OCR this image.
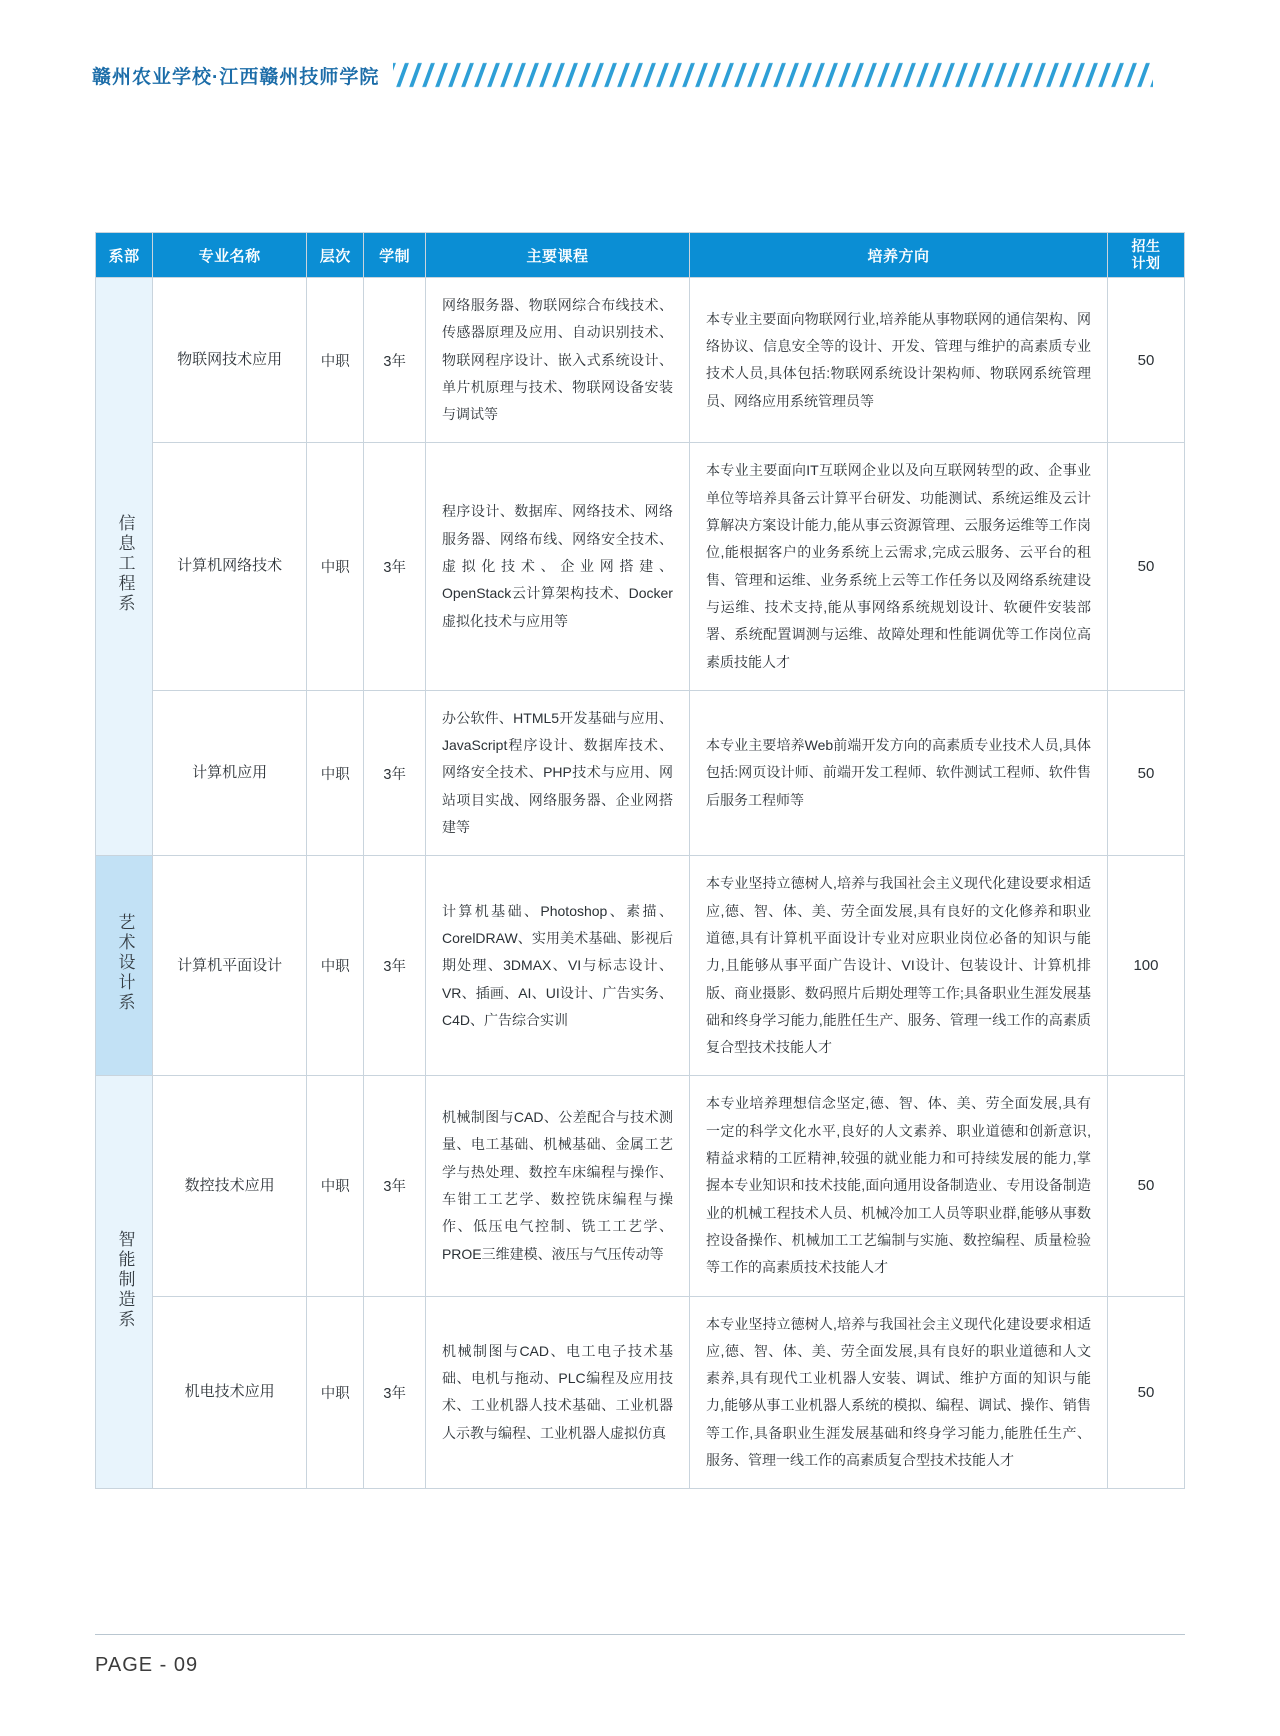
赣州农业学校·江西赣州技师学院
系部	专业名称	层次	学制	主要课程	培养方向	招生
计划

信息工程系	物联网技术应用	中职	3年	网络服务器、物联网综合布线技术、传感器原理及应用、自动识别技术、物联网程序设计、嵌入式系统设计、单片机原理与技术、物联网设备安装与调试等	本专业主要面向物联网行业,培养能从事物联网的通信架构、网络协议、信息安全等的设计、开发、管理与维护的高素质专业技术人员,具体包括:物联网系统设计架构师、物联网系统管理员、网络应用系统管理员等	50
	计算机网络技术	中职	3年	程序设计、数据库、网络技术、网络服务器、网络布线、网络安全技术、虚拟化技术、企业网搭建、OpenStack云计算架构技术、Docker虚拟化技术与应用等	本专业主要面向IT互联网企业以及向互联网转型的政、企事业单位等培养具备云计算平台研发、功能测试、系统运维及云计算解决方案设计能力,能从事云资源管理、云服务运维等工作岗位,能根据客户的业务系统上云需求,完成云服务、云平台的租售、管理和运维、业务系统上云等工作任务以及网络系统建设与运维、技术支持,能从事网络系统规划设计、软硬件安装部署、系统配置调测与运维、故障处理和性能调优等工作岗位高素质技能人才	50
	计算机应用	中职	3年	办公软件、HTML5开发基础与应用、JavaScript程序设计、数据库技术、网络安全技术、PHP技术与应用、网站项目实战、网络服务器、企业网搭建等	本专业主要培养Web前端开发方向的高素质专业技术人员,具体包括:网页设计师、前端开发工程师、软件测试工程师、软件售后服务工程师等	50
艺术设计系	计算机平面设计	中职	3年	计算机基础、Photoshop、素描、CorelDRAW、实用美术基础、影视后期处理、3DMAX、VI与标志设计、VR、插画、AI、UI设计、广告实务、C4D、广告综合实训	本专业坚持立德树人,培养与我国社会主义现代化建设要求相适应,德、智、体、美、劳全面发展,具有良好的文化修养和职业道德,具有计算机平面设计专业对应职业岗位必备的知识与能力,且能够从事平面广告设计、VI设计、包装设计、计算机排版、商业摄影、数码照片后期处理等工作;具备职业生涯发展基础和终身学习能力,能胜任生产、服务、管理一线工作的高素质复合型技术技能人才	100
智能制造系	数控技术应用	中职	3年	机械制图与CAD、公差配合与技术测量、电工基础、机械基础、金属工艺学与热处理、数控车床编程与操作、车钳工工艺学、数控铣床编程与操作、低压电气控制、铣工工艺学、PROE三维建模、液压与气压传动等	本专业培养理想信念坚定,德、智、体、美、劳全面发展,具有一定的科学文化水平,良好的人文素养、职业道德和创新意识,精益求精的工匠精神,较强的就业能力和可持续发展的能力,掌握本专业知识和技术技能,面向通用设备制造业、专用设备制造业的机械工程技术人员、机械冷加工人员等职业群,能够从事数控设备操作、机械加工工艺编制与实施、数控编程、质量检验等工作的高素质技术技能人才	50
	机电技术应用	中职	3年	机械制图与CAD、电工电子技术基础、电机与拖动、PLC编程及应用技术、工业机器人技术基础、工业机器人示教与编程、工业机器人虚拟仿真	本专业坚持立德树人,培养与我国社会主义现代化建设要求相适应,德、智、体、美、劳全面发展,具有良好的职业道德和人文素养,具有现代工业机器人安装、调试、维护方面的知识与能力,能够从事工业机器人系统的模拟、编程、调试、操作、销售等工作,具备职业生涯发展基础和终身学习能力,能胜任生产、服务、管理一线工作的高素质复合型技术技能人才	50
PAGE - 09
